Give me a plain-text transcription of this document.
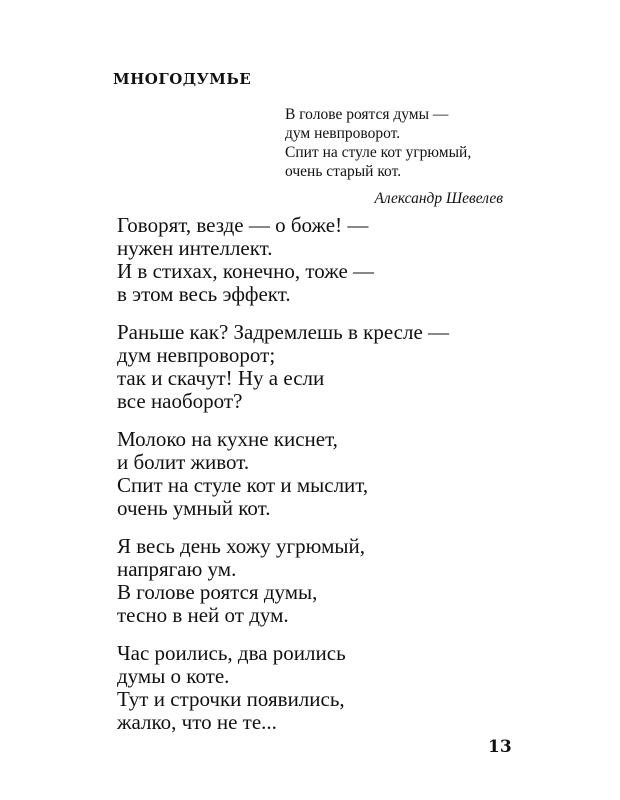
МНОГОДУМЬЕ
В голове роятся думы —
дум невпроворот.
Спит на стуле кот угрюмый,
очень старый кот.
Александр Шевелев
Говорят, везде — о боже! —
нужен интеллект.
И в стихах, конечно, тоже —
в этом весь эффект.
Раньше как? Задремлешь в кресле —
дум невпроворот;
так и скачут! Ну а если
все наоборот?
Молоко на кухне киснет,
и болит живот.
Спит на стуле кот и мыслит,
очень умный кот.
Я весь день хожу угрюмый,
напрягаю ум.
В голове роятся думы,
тесно в ней от дум.
Час роились, два роились
думы о коте.
Тут и строчки появились,
жалко, что не те...
13
